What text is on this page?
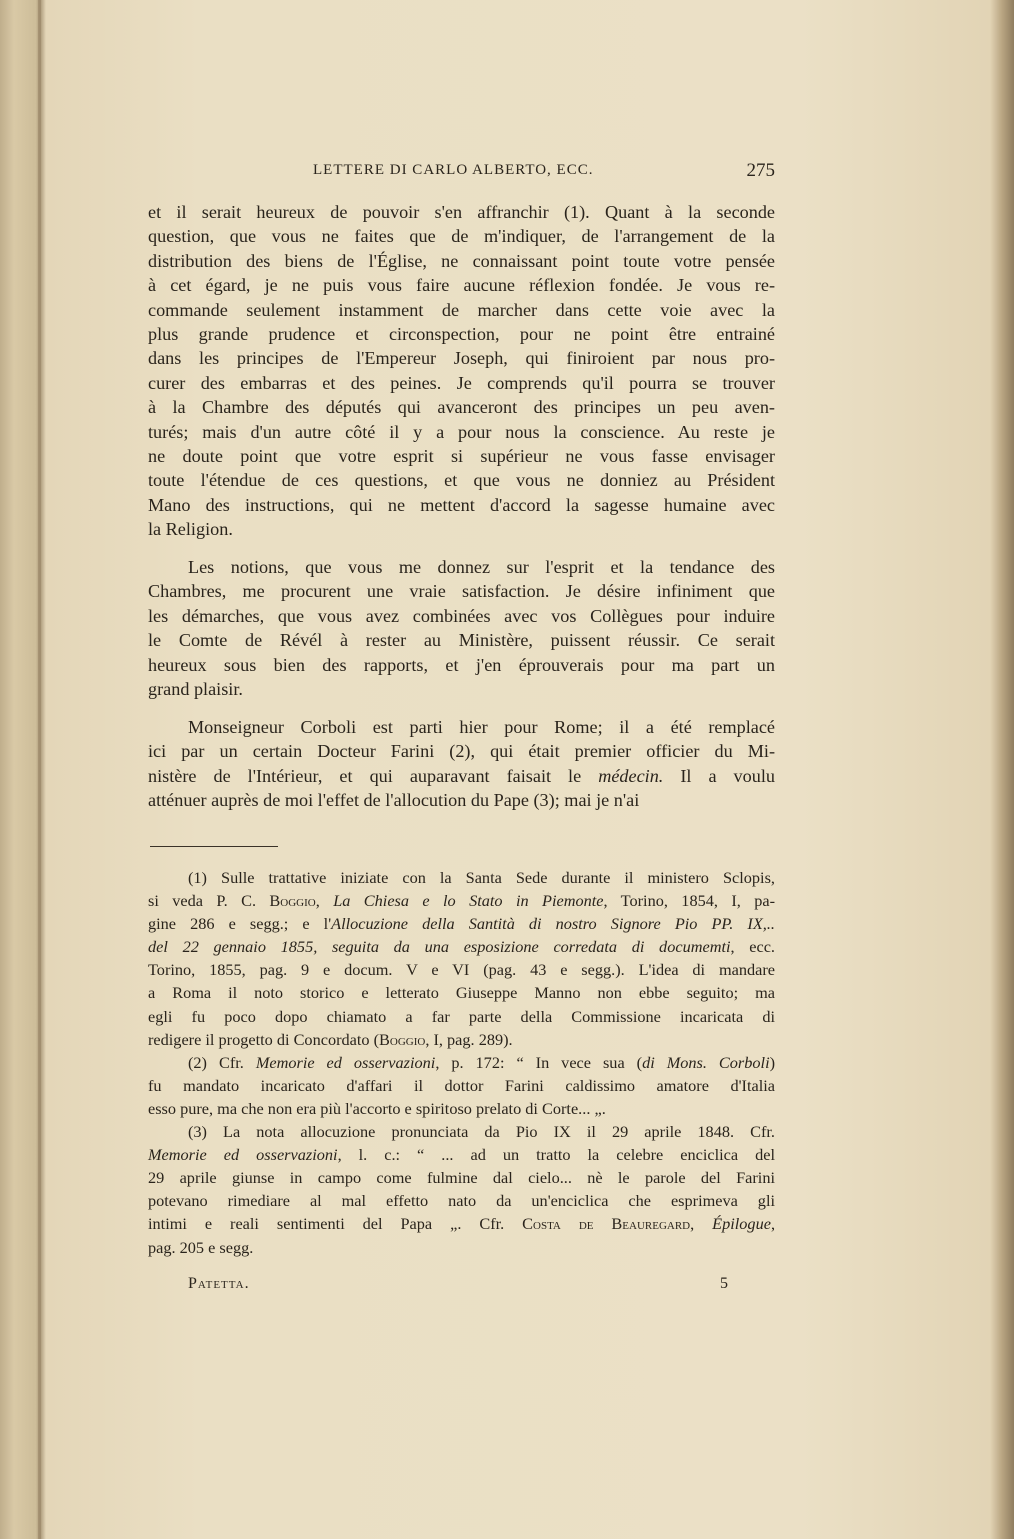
LETTERE DI CARLO ALBERTO, ECC.	275
et il serait heureux de pouvoir s'en affranchir (1). Quant à la seconde
question, que vous ne faites que de m'indiquer, de l'arrangement de la
distribution des biens de l'Église, ne connaissant point toute votre pensée
à cet égard, je ne puis vous faire aucune réflexion fondée. Je vous re-
commande seulement instamment de marcher dans cette voie avec la
plus grande prudence et circonspection, pour ne point être entrainé
dans les principes de l'Empereur Joseph, qui finiroient par nous pro-
curer des embarras et des peines. Je comprends qu'il pourra se trouver
à la Chambre des députés qui avanceront des principes un peu aven-
turés; mais d'un autre côté il y a pour nous la conscience. Au reste je
ne doute point que votre esprit si supérieur ne vous fasse envisager
toute l'étendue de ces questions, et que vous ne donniez au Président
Mano des instructions, qui ne mettent d'accord la sagesse humaine avec
la Religion.
Les notions, que vous me donnez sur l'esprit et la tendance des
Chambres, me procurent une vraie satisfaction. Je désire infiniment que
les démarches, que vous avez combinées avec vos Collègues pour induire
le Comte de Révél à rester au Ministère, puissent réussir. Ce serait
heureux sous bien des rapports, et j'en éprouverais pour ma part un
grand plaisir.
Monseigneur Corboli est parti hier pour Rome; il a été remplacé
ici par un certain Docteur Farini (2), qui était premier officier du Mi-
nistère de l'Intérieur, et qui auparavant faisait le médecin. Il a voulu
atténuer auprès de moi l'effet de l'allocution du Pape (3); mai je n'ai
(1) Sulle trattative iniziate con la Santa Sede durante il ministero Sclopis,
si veda P. C. Boggio, La Chiesa e lo Stato in Piemonte, Torino, 1854, I, pa-
gine 286 e segg.; e l'Allocuzione della Santità di nostro Signore Pio PP. IX,..
del 22 gennaio 1855, seguita da una esposizione corredata di documemti, ecc.
Torino, 1855, pag. 9 e docum. V e VI (pag. 43 e segg.). L'idea di mandare
a Roma il noto storico e letterato Giuseppe Manno non ebbe seguito; ma
egli fu poco dopo chiamato a far parte della Commissione incaricata di
redigere il progetto di Concordato (Boggio, I, pag. 289).
(2) Cfr. Memorie ed osservazioni, p. 172: “ In vece sua (di Mons. Corboli)
fu mandato incaricato d'affari il dottor Farini caldissimo amatore d'Italia
esso pure, ma che non era più l'accorto e spiritoso prelato di Corte... „.
(3) La nota allocuzione pronunciata da Pio IX il 29 aprile 1848. Cfr.
Memorie ed osservazioni, l. c.: “ ... ad un tratto la celebre enciclica del
29 aprile giunse in campo come fulmine dal cielo... nè le parole del Farini
potevano rimediare al mal effetto nato da un'enciclica che esprimeva gli
intimi e reali sentimenti del Papa „. Cfr. Costa de Beauregard, Épilogue,
pag. 205 e segg.
Patetta.	5
